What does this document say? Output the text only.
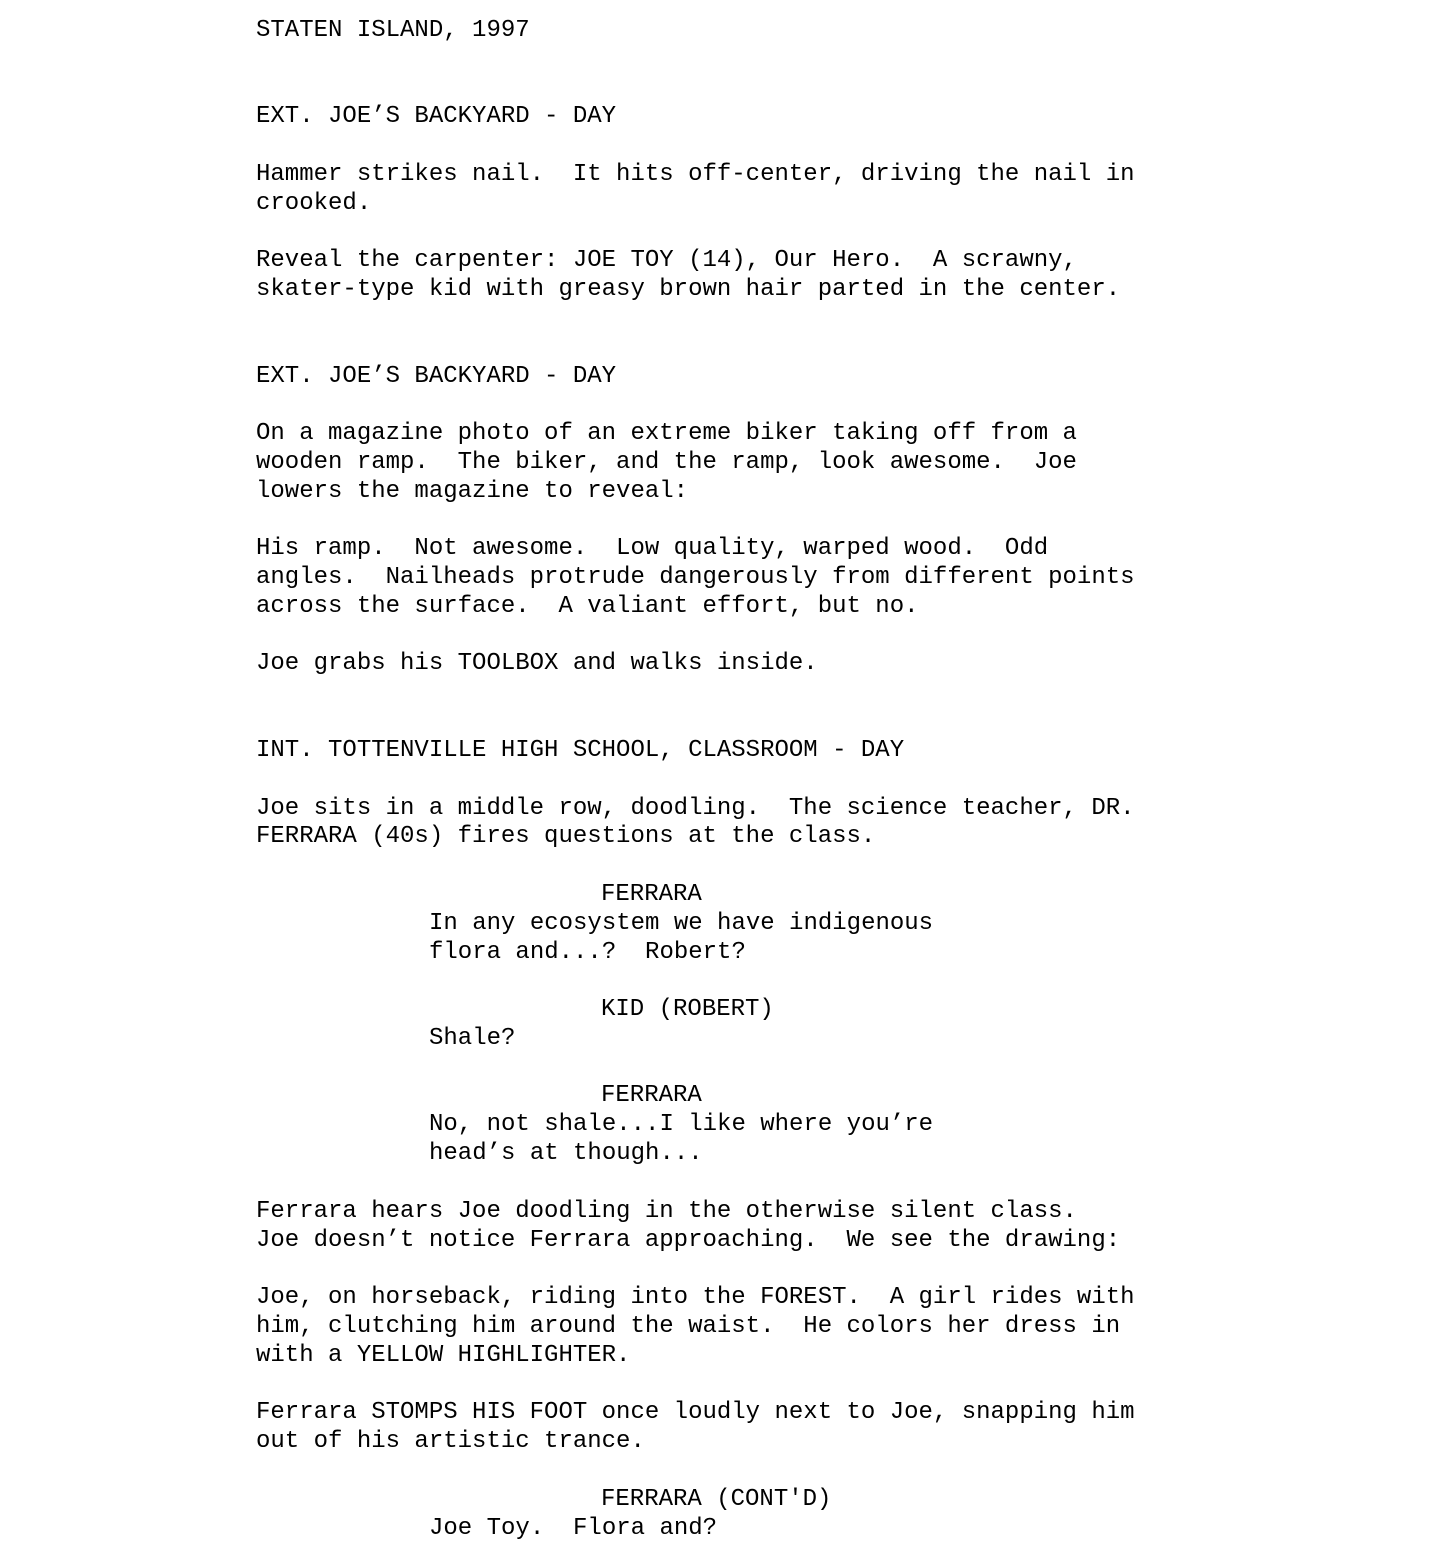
STATEN ISLAND, 1997
EXT. JOE’S BACKYARD - DAY
Hammer strikes nail.  It hits off-center, driving the nail in
crooked.
Reveal the carpenter: JOE TOY (14), Our Hero.  A scrawny,
skater-type kid with greasy brown hair parted in the center.
EXT. JOE’S BACKYARD - DAY
On a magazine photo of an extreme biker taking off from a
wooden ramp.  The biker, and the ramp, look awesome.  Joe
lowers the magazine to reveal:
His ramp.  Not awesome.  Low quality, warped wood.  Odd
angles.  Nailheads protrude dangerously from different points
across the surface.  A valiant effort, but no.
Joe grabs his TOOLBOX and walks inside.
INT. TOTTENVILLE HIGH SCHOOL, CLASSROOM - DAY
Joe sits in a middle row, doodling.  The science teacher, DR.
FERRARA (40s) fires questions at the class.
FERRARA
In any ecosystem we have indigenous
flora and...?  Robert?
KID (ROBERT)
Shale?
FERRARA
No, not shale...I like where you’re
head’s at though...
Ferrara hears Joe doodling in the otherwise silent class.
Joe doesn’t notice Ferrara approaching.  We see the drawing:
Joe, on horseback, riding into the FOREST.  A girl rides with
him, clutching him around the waist.  He colors her dress in
with a YELLOW HIGHLIGHTER.
Ferrara STOMPS HIS FOOT once loudly next to Joe, snapping him
out of his artistic trance.
FERRARA (CONT'D)
Joe Toy.  Flora and?
